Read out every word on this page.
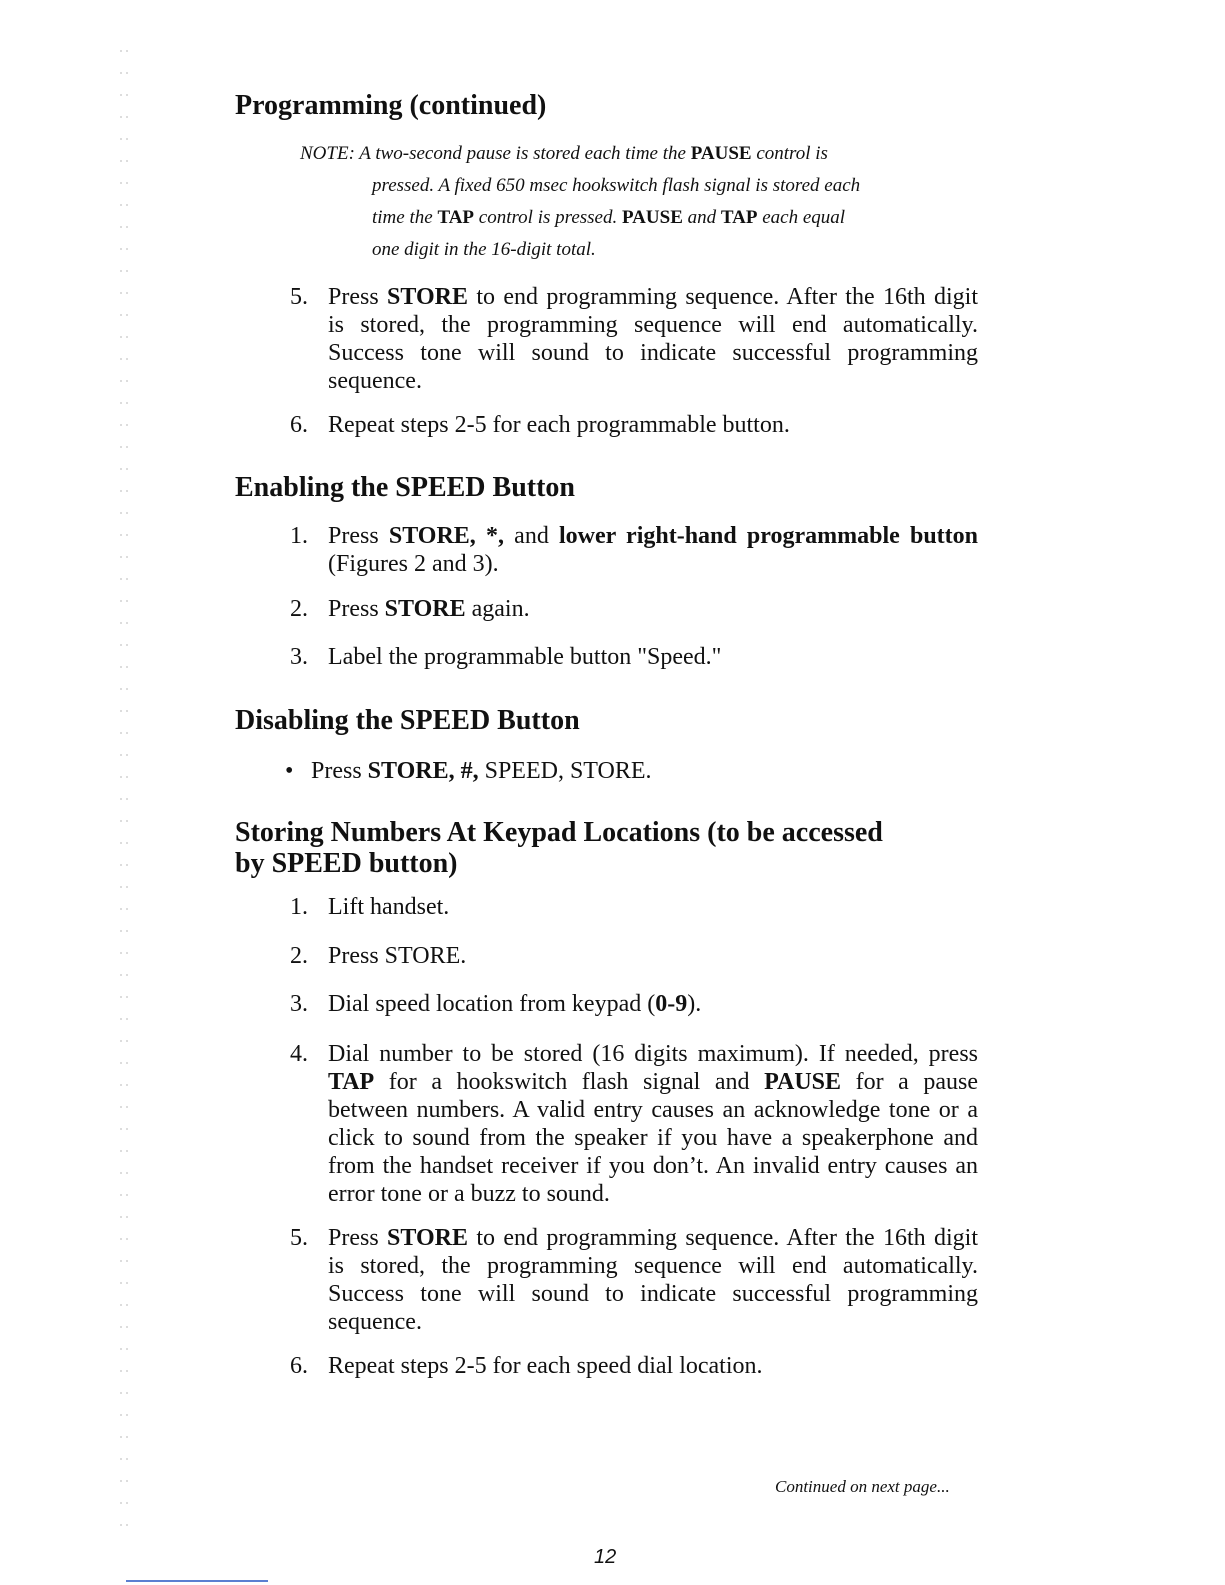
Programming (continued)
NOTE: A two-second pause is stored each time the PAUSE control is
pressed. A fixed 650 msec hookswitch flash signal is stored each
time the TAP control is pressed. PAUSE and TAP each equal
one digit in the 16-digit total.
5. Press STORE to end programming sequence. After the 16th digit is stored, the programming sequence will end automatically. Success tone will sound to indicate successful programming sequence.
6. Repeat steps 2-5 for each programmable button.
Enabling the SPEED Button
1. Press STORE, *, and lower right-hand programmable button (Figures 2 and 3).
2. Press STORE again.
3. Label the programmable button "Speed."
Disabling the SPEED Button
• Press STORE, #, SPEED, STORE.
Storing Numbers At Keypad Locations (to be accessed
by SPEED button)
1. Lift handset.
2. Press STORE.
3. Dial speed location from keypad (0-9).
4. Dial number to be stored (16 digits maximum). If needed, press TAP for a hookswitch flash signal and PAUSE for a pause between numbers. A valid entry causes an acknowledge tone or a click to sound from the speaker if you have a speakerphone and from the handset receiver if you don’t. An invalid entry causes an error tone or a buzz to sound.
5. Press STORE to end programming sequence. After the 16th digit is stored, the programming sequence will end automatically. Success tone will sound to indicate successful programming sequence.
6. Repeat steps 2-5 for each speed dial location.
Continued on next page...
12
